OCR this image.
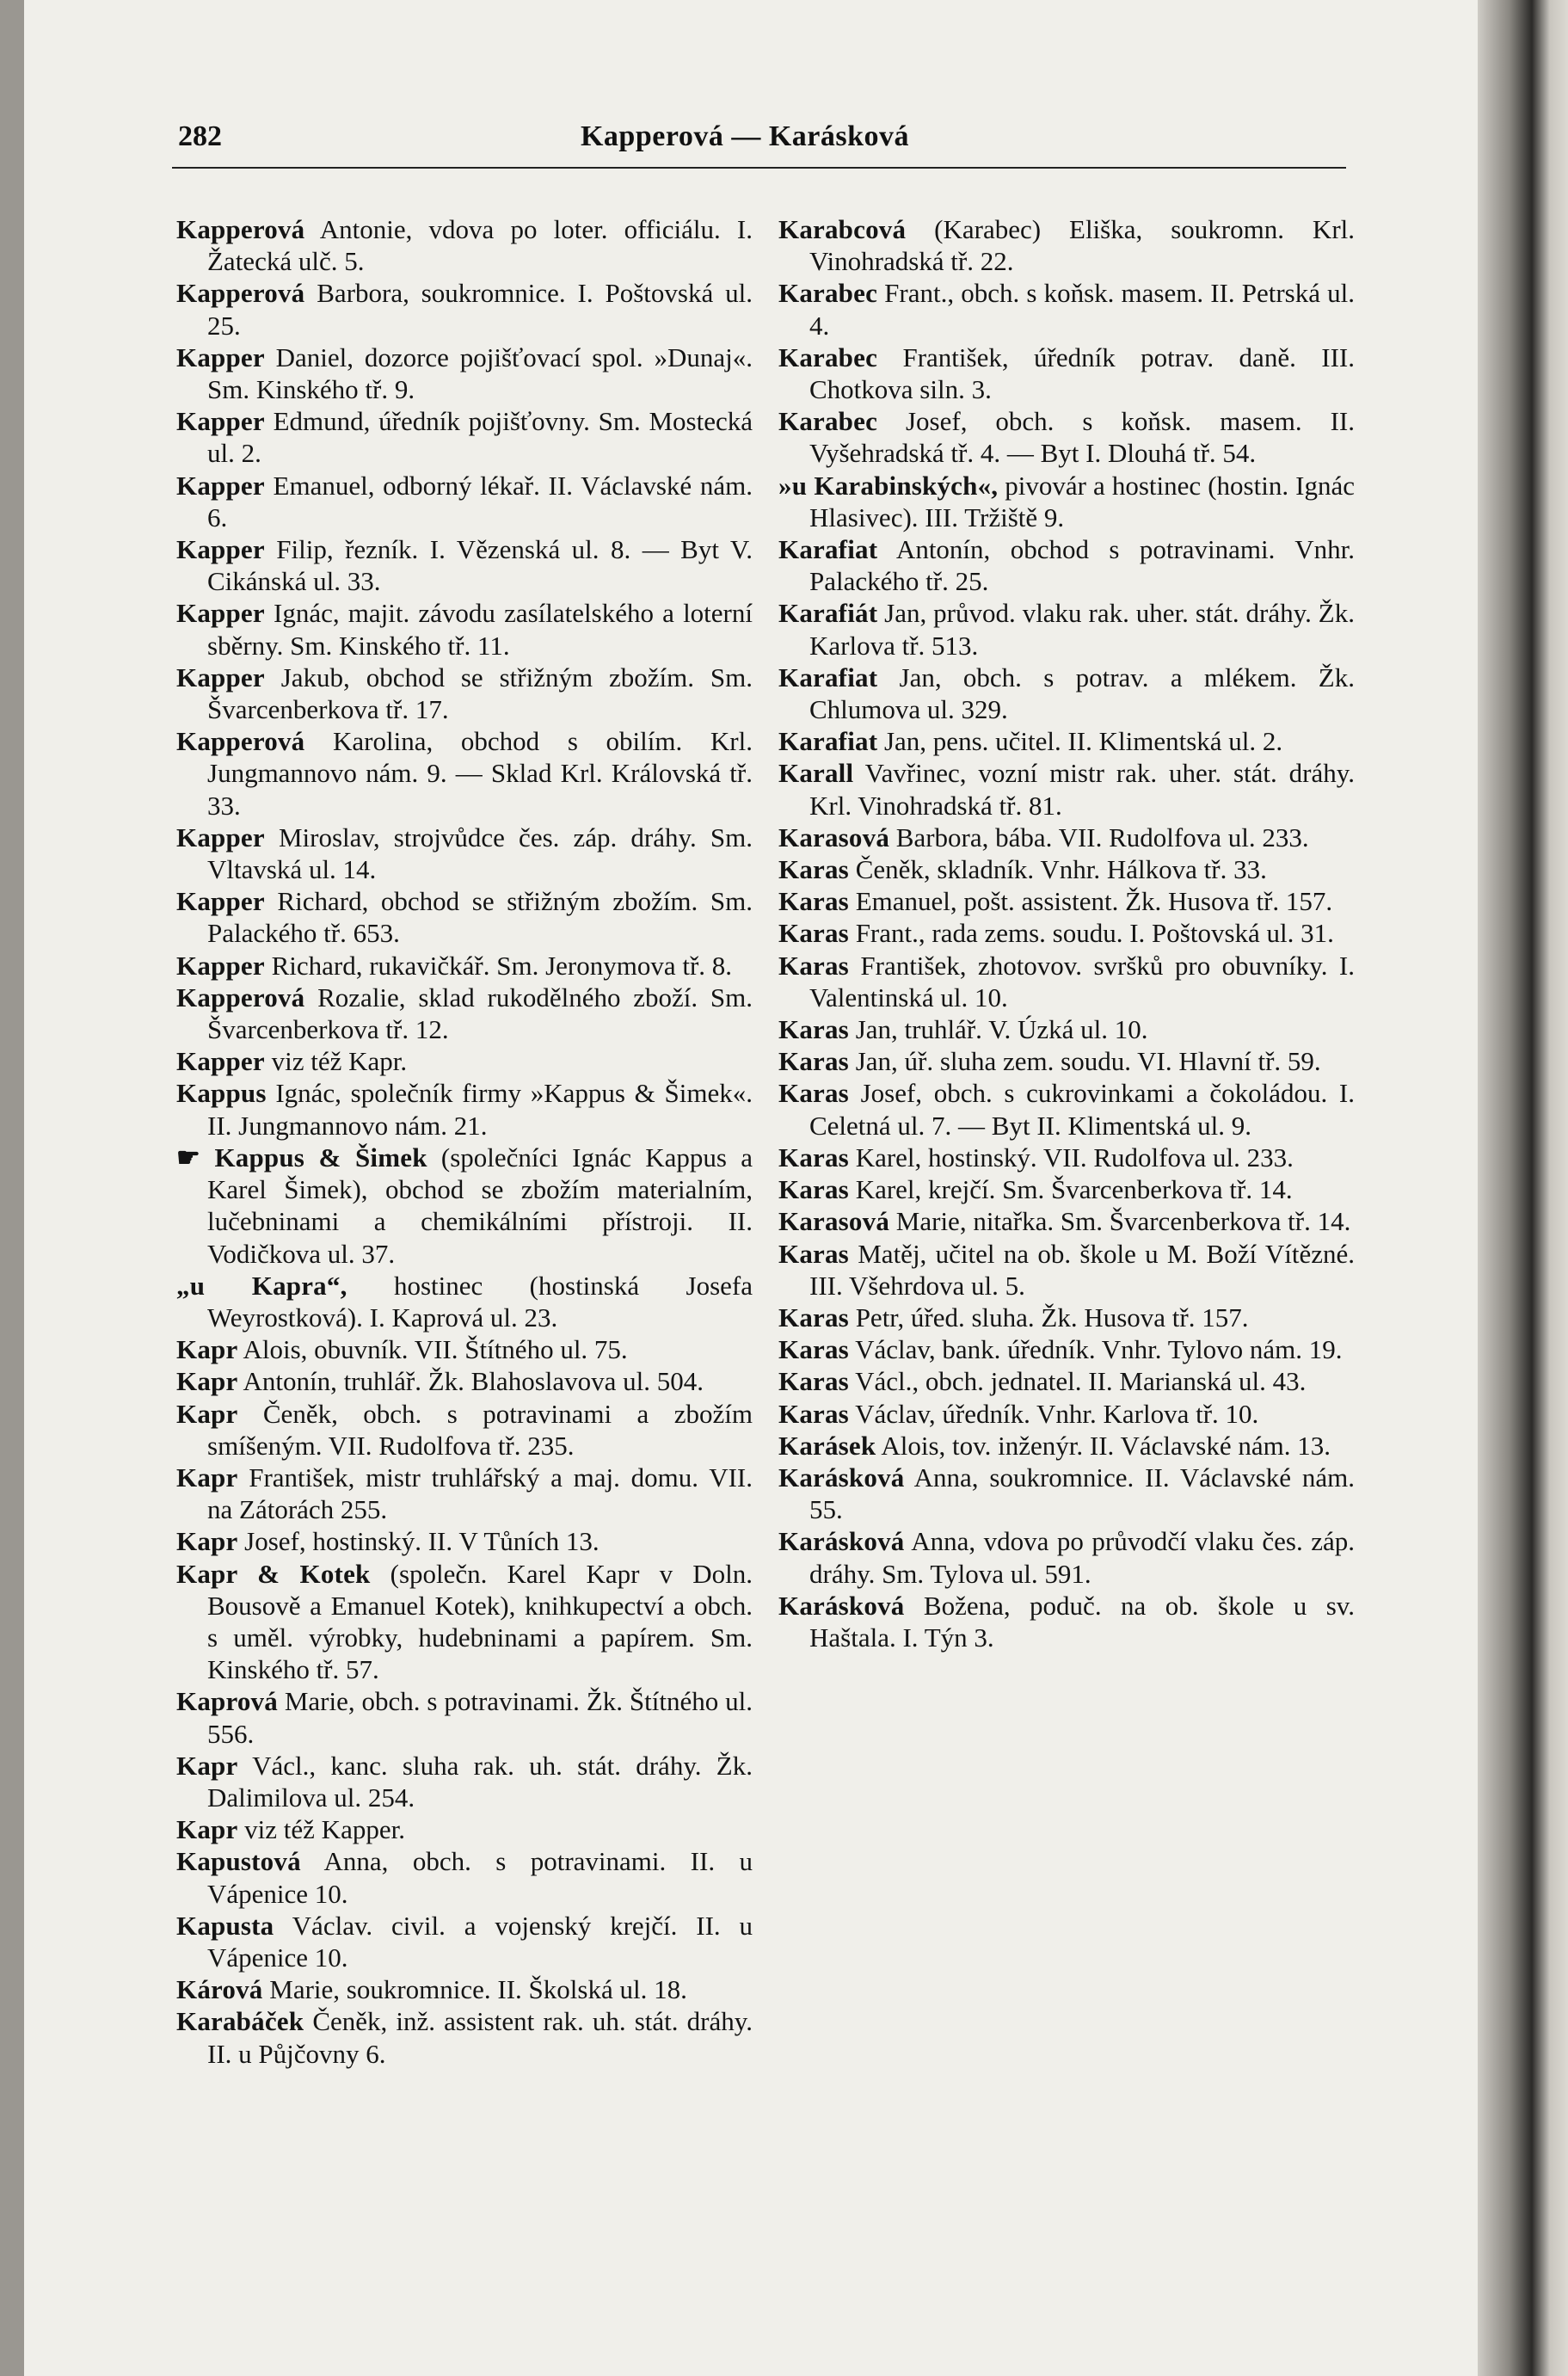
282	Kapperová — Karásková
Kapperová Antonie, vdova po loter. officiálu. I. Žatecká ulč. 5.
Kapperová Barbora, soukromnice. I. Poštovská ul. 25.
Kapper Daniel, dozorce pojišťovací spol. »Dunaj«. Sm. Kinského tř. 9.
Kapper Edmund, úředník pojišťovny. Sm. Mostecká ul. 2.
Kapper Emanuel, odborný lékař. II. Václavské nám. 6.
Kapper Filip, řezník. I. Vězenská ul. 8. — Byt V. Cikánská ul. 33.
Kapper Ignác, majit. závodu zasílatelského a loterní sběrny. Sm. Kinského tř. 11.
Kapper Jakub, obchod se střižným zbožím. Sm. Švarcenberkova tř. 17.
Kapperová Karolina, obchod s obilím. Krl. Jungmannovo nám. 9. — Sklad Krl. Královská tř. 33.
Kapper Miroslav, strojvůdce čes. záp. dráhy. Sm. Vltavská ul. 14.
Kapper Richard, obchod se střižným zbožím. Sm. Palackého tř. 653.
Kapper Richard, rukavičkář. Sm. Jeronymova tř. 8.
Kapperová Rozalie, sklad rukodělného zboží. Sm. Švarcenberkova tř. 12.
Kapper viz též Kapr.
Kappus Ignác, společník firmy »Kappus & Šimek«. II. Jungmannovo nám. 21.
☛ Kappus & Šimek (společníci Ignác Kappus a Karel Šimek), obchod se zbožím materialním, lučebninami a chemikálními přístroji. II. Vodičkova ul. 37.
„u Kapra“, hostinec (hostinská Josefa Weyrostková). I. Kaprová ul. 23.
Kapr Alois, obuvník. VII. Štítného ul. 75.
Kapr Antonín, truhlář. Žk. Blahoslavova ul. 504.
Kapr Čeněk, obch. s potravinami a zbožím smíšeným. VII. Rudolfova tř. 235.
Kapr František, mistr truhlářský a maj. domu. VII. na Zátorách 255.
Kapr Josef, hostinský. II. V Tůních 13.
Kapr & Kotek (společn. Karel Kapr v Doln. Bousově a Emanuel Kotek), knihkupectví a obch. s uměl. výrobky, hudebninami a papírem. Sm. Kinského tř. 57.
Kaprová Marie, obch. s potravinami. Žk. Štítného ul. 556.
Kapr Václ., kanc. sluha rak. uh. stát. dráhy. Žk. Dalimilova ul. 254.
Kapr viz též Kapper.
Kapustová Anna, obch. s potravinami. II. u Vápenice 10.
Kapusta Václav. civil. a vojenský krejčí. II. u Vápenice 10.
Kárová Marie, soukromnice. II. Školská ul. 18.
Karabáček Čeněk, inž. assistent rak. uh. stát. dráhy. II. u Půjčovny 6.
Karabcová (Karabec) Eliška, soukromn. Krl. Vinohradská tř. 22.
Karabec Frant., obch. s koňsk. masem. II. Petrská ul. 4.
Karabec František, úředník potrav. daně. III. Chotkova siln. 3.
Karabec Josef, obch. s koňsk. masem. II. Vyšehradská tř. 4. — Byt I. Dlouhá tř. 54.
»u Karabinských«, pivovár a hostinec (hostin. Ignác Hlasivec). III. Tržiště 9.
Karafiat Antonín, obchod s potravinami. Vnhr. Palackého tř. 25.
Karafiát Jan, průvod. vlaku rak. uher. stát. dráhy. Žk. Karlova tř. 513.
Karafiat Jan, obch. s potrav. a mlékem. Žk. Chlumova ul. 329.
Karafiat Jan, pens. učitel. II. Klimentská ul. 2.
Karall Vavřinec, vozní mistr rak. uher. stát. dráhy. Krl. Vinohradská tř. 81.
Karasová Barbora, bába. VII. Rudolfova ul. 233.
Karas Čeněk, skladník. Vnhr. Hálkova tř. 33.
Karas Emanuel, pošt. assistent. Žk. Husova tř. 157.
Karas Frant., rada zems. soudu. I. Poštovská ul. 31.
Karas František, zhotovov. svršků pro obuvníky. I. Valentinská ul. 10.
Karas Jan, truhlář. V. Úzká ul. 10.
Karas Jan, úř. sluha zem. soudu. VI. Hlavní tř. 59.
Karas Josef, obch. s cukrovinkami a čokoládou. I. Celetná ul. 7. — Byt II. Klimentská ul. 9.
Karas Karel, hostinský. VII. Rudolfova ul. 233.
Karas Karel, krejčí. Sm. Švarcenberkova tř. 14.
Karasová Marie, nitařka. Sm. Švarcenberkova tř. 14.
Karas Matěj, učitel na ob. škole u M. Boží Vítězné. III. Všehrdova ul. 5.
Karas Petr, úřed. sluha. Žk. Husova tř. 157.
Karas Václav, bank. úředník. Vnhr. Tylovo nám. 19.
Karas Václ., obch. jednatel. II. Marianská ul. 43.
Karas Václav, úředník. Vnhr. Karlova tř. 10.
Karásek Alois, tov. inženýr. II. Václavské nám. 13.
Karásková Anna, soukromnice. II. Václavské nám. 55.
Karásková Anna, vdova po průvodčí vlaku čes. záp. dráhy. Sm. Tylova ul. 591.
Karásková Božena, poduč. na ob. škole u sv. Haštala. I. Týn 3.
